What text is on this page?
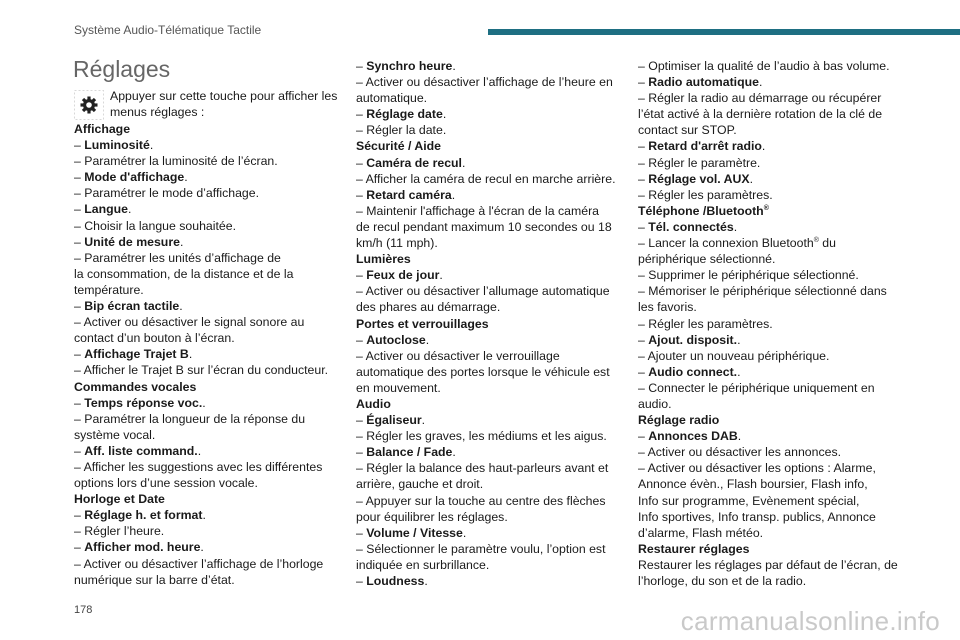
Système Audio-Télématique Tactile
Réglages
Appuyer sur cette touche pour afficher les menus réglages :
Affichage
– Luminosité.
– Paramétrer la luminosité de l’écran.
– Mode d'affichage.
– Paramétrer le mode d’affichage.
– Langue.
– Choisir la langue souhaitée.
– Unité de mesure.
– Paramétrer les unités d’affichage de
la consommation, de la distance et de la
température.
– Bip écran tactile.
– Activer ou désactiver le signal sonore au
contact d’un bouton à l’écran.
– Affichage Trajet B.
– Afficher le Trajet B sur l’écran du conducteur.
Commandes vocales
– Temps réponse voc..
– Paramétrer la longueur de la réponse du
système vocal.
– Aff. liste command..
– Afficher les suggestions avec les différentes
options lors d’une session vocale.
Horloge et Date
– Réglage h. et format.
– Régler l’heure.
– Afficher mod. heure.
– Activer ou désactiver l’affichage de l’horloge
numérique sur la barre d’état.
– Synchro heure.
– Activer ou désactiver l’affichage de l’heure en
automatique.
– Réglage date.
– Régler la date.
Sécurité / Aide
– Caméra de recul.
– Afficher la caméra de recul en marche arrière.
– Retard caméra.
– Maintenir l'affichage à l'écran de la caméra
de recul pendant maximum 10 secondes ou 18
km/h (11 mph).
Lumières
– Feux de jour.
– Activer ou désactiver l’allumage automatique
des phares au démarrage.
Portes et verrouillages
– Autoclose.
– Activer ou désactiver le verrouillage
automatique des portes lorsque le véhicule est
en mouvement.
Audio
– Égaliseur.
– Régler les graves, les médiums et les aigus.
– Balance / Fade.
– Régler la balance des haut-parleurs avant et
arrière, gauche et droit.
– Appuyer sur la touche au centre des flèches
pour équilibrer les réglages.
– Volume / Vitesse.
– Sélectionner le paramètre voulu, l’option est
indiquée en surbrillance.
– Loudness.
– Optimiser la qualité de l’audio à bas volume.
– Radio automatique.
– Régler la radio au démarrage ou récupérer
l’état activé à la dernière rotation de la clé de
contact sur STOP.
– Retard d'arrêt radio.
– Régler le paramètre.
– Réglage vol. AUX.
– Régler les paramètres.
Téléphone /Bluetooth®
– Tél. connectés.
– Lancer la connexion Bluetooth® du
périphérique sélectionné.
– Supprimer le périphérique sélectionné.
– Mémoriser le périphérique sélectionné dans
les favoris.
– Régler les paramètres.
– Ajout. disposit..
– Ajouter un nouveau périphérique.
– Audio connect..
– Connecter le périphérique uniquement en
audio.
Réglage radio
– Annonces DAB.
– Activer ou désactiver les annonces.
– Activer ou désactiver les options : Alarme,
Annonce évèn., Flash boursier, Flash info,
Info sur programme, Evènement spécial,
Info sportives, Info transp. publics, Annonce
d’alarme, Flash météo.
Restaurer réglages
Restaurer les réglages par défaut de l’écran, de
l’horloge, du son et de la radio.
178	carmanualsonline.info
